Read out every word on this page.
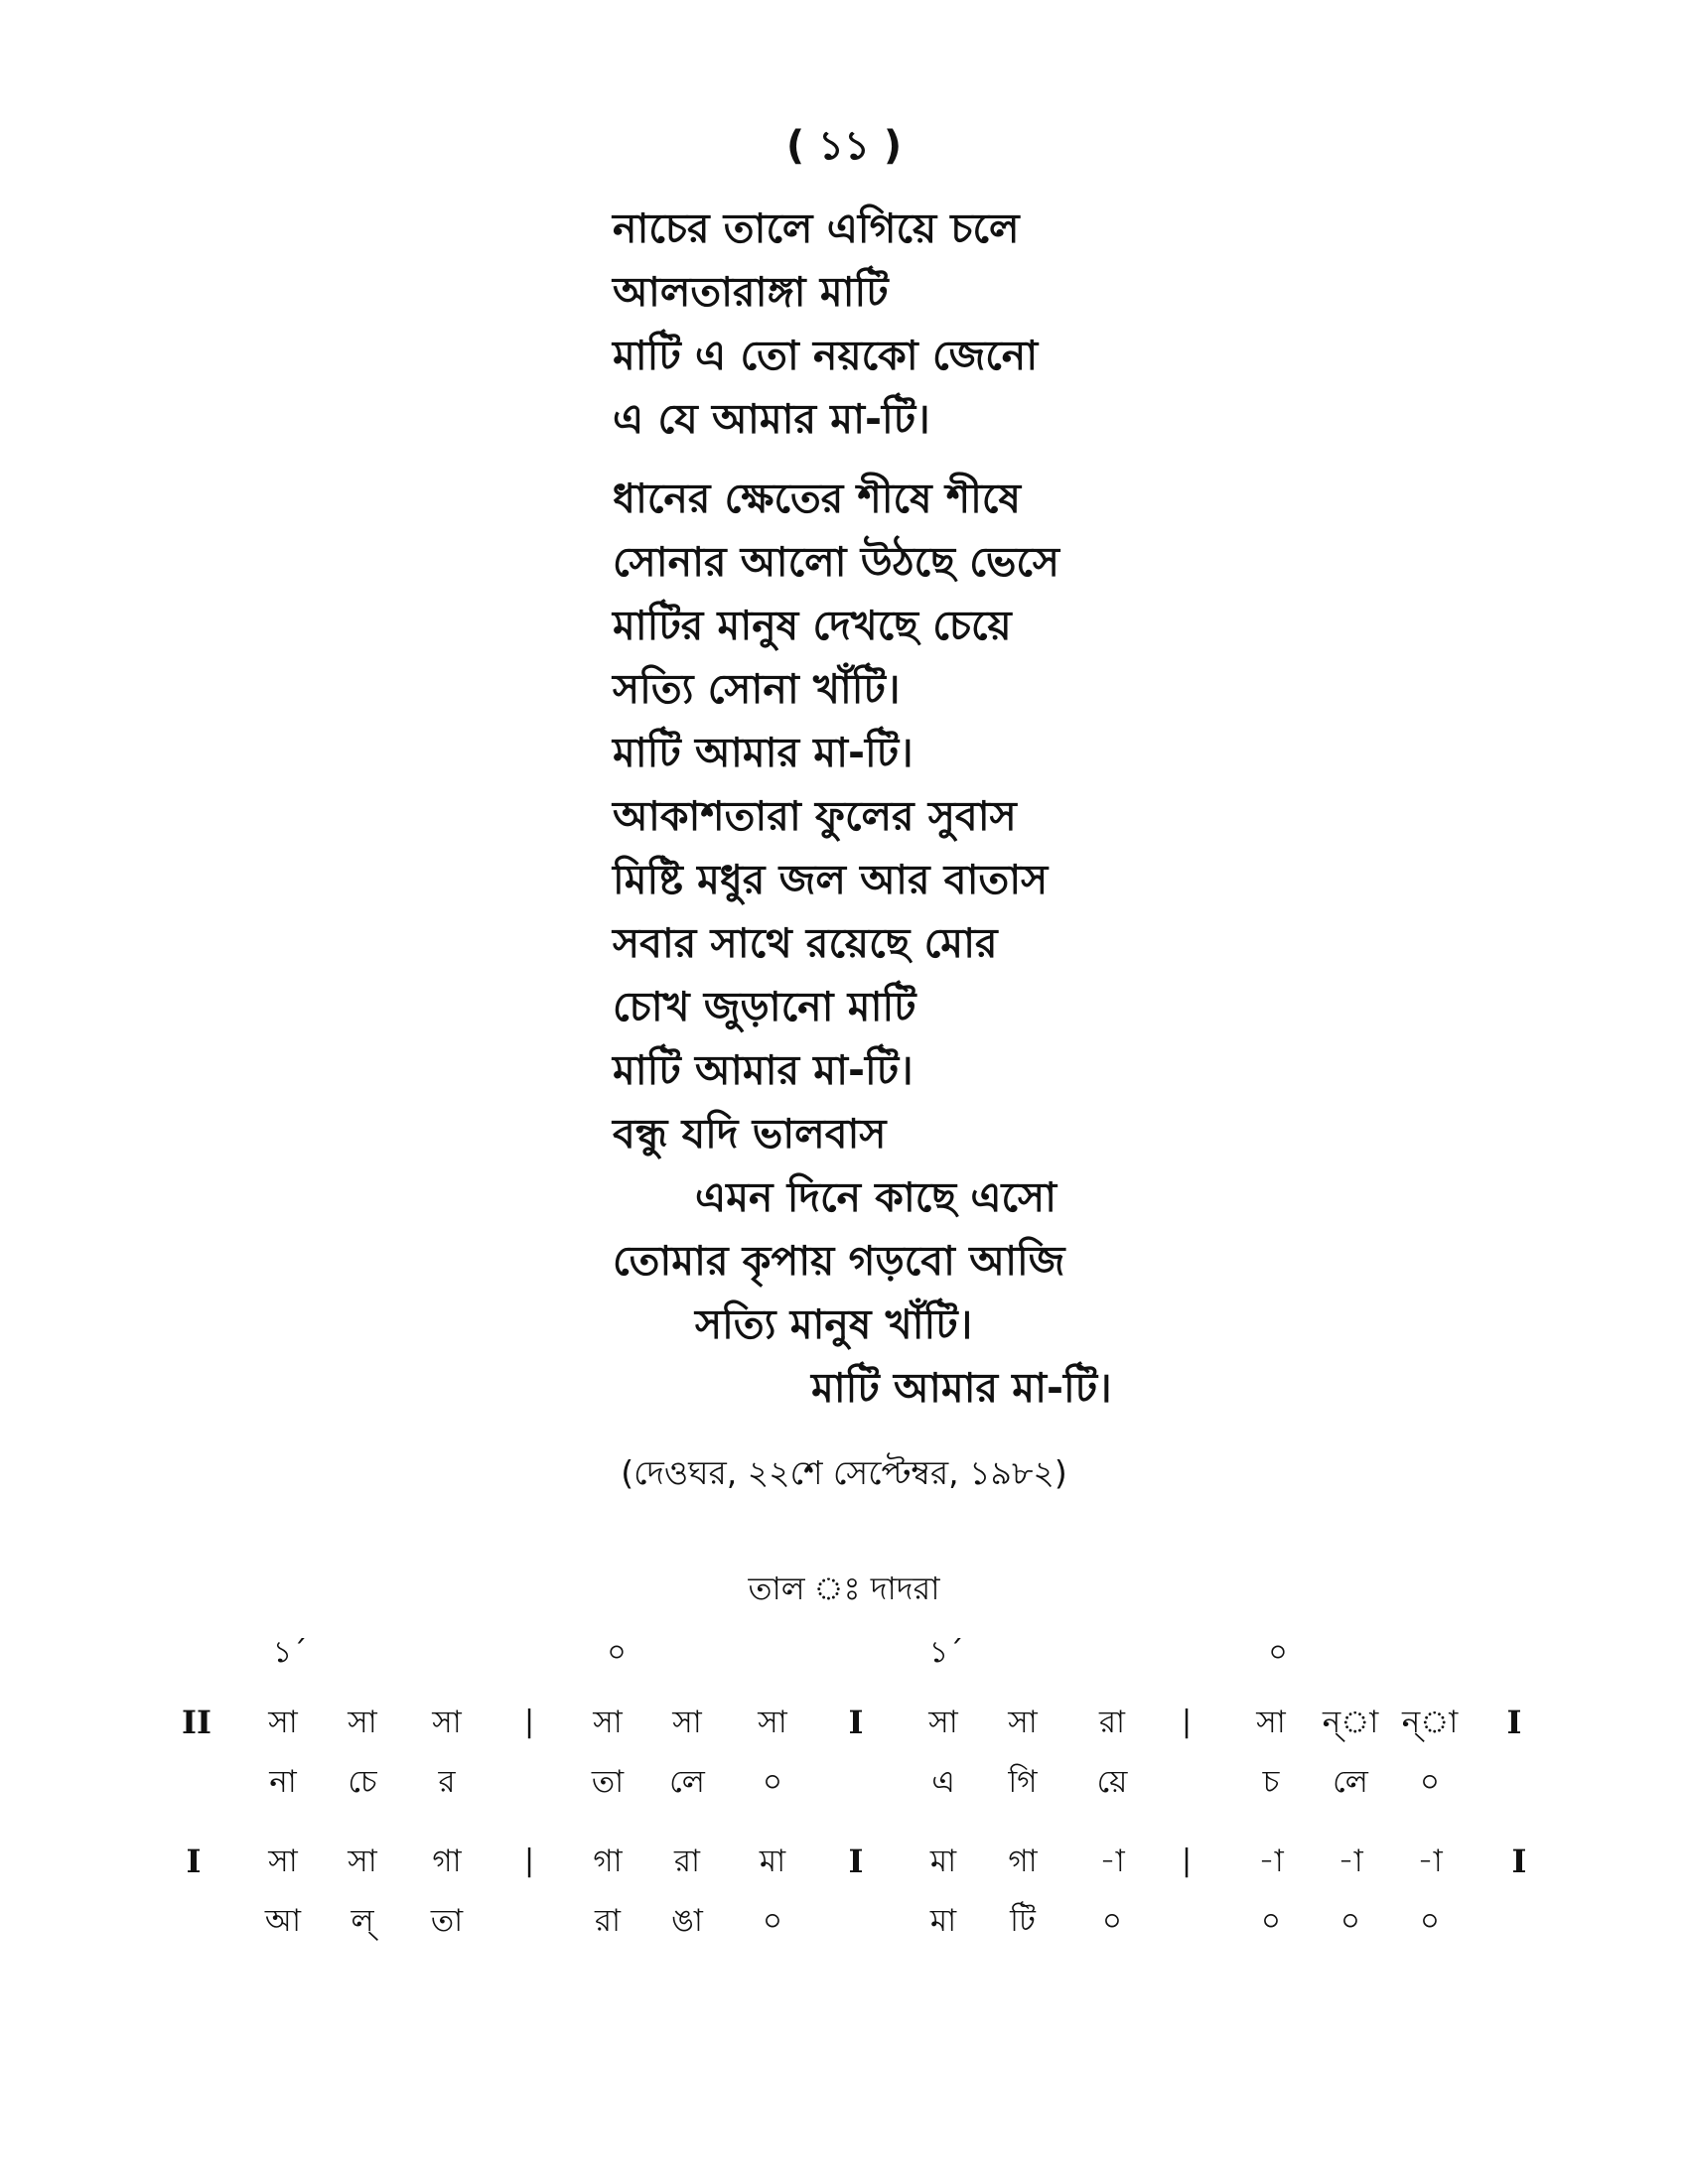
( ১১ )
নাচের তালে এগিয়ে চলে
আলতারাঙ্গা মাটি
মাটি এ তো নয়কো জেনো
এ যে আমার মা-টি।
ধানের ক্ষেতের শীষে শীষে
সোনার আলো উঠছে ভেসে
মাটির মানুষ দেখছে চেয়ে
সত্যি সোনা খাঁটি।
মাটি আমার মা-টি।
আকাশতারা ফুলের সুবাস
মিষ্টি মধুর জল আর বাতাস
সবার সাথে রয়েছে মোর
চোখ জুড়ানো মাটি
মাটি আমার মা-টি।
বন্ধু যদি ভালবাস
এমন দিনে কাছে এসো
তোমার কৃপায় গড়বো আজি
সত্যি মানুষ খাঁটি।
মাটি আমার মা-টি।
(দেওঘর, ২২শে সেপ্টেম্বর, ১৯৮২)
তাল ঃ দাদরা
১´	০	১´	০
II	সা	সা	সা	|	সা	সা	সা	I	সা	সা	রা	|	সা	ন্‌া ন্‌া	I
না	চে	র	তা	লে	০	এ	গি	য়ে	চ	লে	০
I	সা	সা	গা	|	গা	রা	মা	I	মা	গা	-া	|	-া	-া	-া	I
আ	ল্‌	তা	রা	ঙা	০	মা	টি	০	০	০	০
